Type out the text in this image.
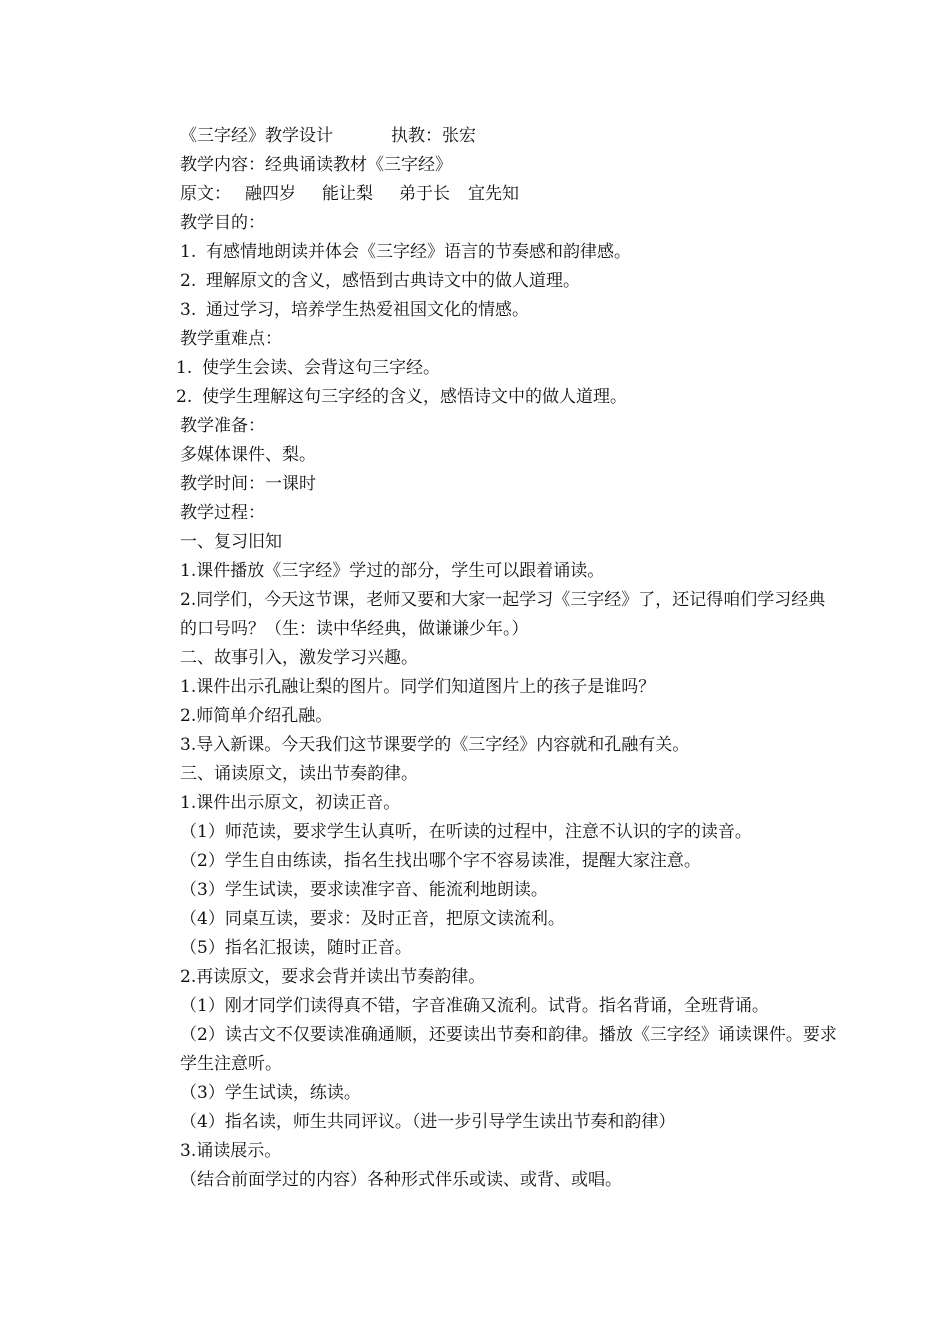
《三字经》教学设计	执教：张宏
教学内容：经典诵读教材《三字经》
原文： 融四岁 能让梨 弟于长 宜先知
教学目的：
1. 有感情地朗读并体会《三字经》语言的节奏感和韵律感。
2. 理解原文的含义，感悟到古典诗文中的做人道理。
3. 通过学习，培养学生热爱祖国文化的情感。
教学重难点：
1. 使学生会读、会背这句三字经。
2. 使学生理解这句三字经的含义，感悟诗文中的做人道理。
教学准备：
多媒体课件、梨。
教学时间：一课时
教学过程：
一、复习旧知
1.课件播放《三字经》学过的部分，学生可以跟着诵读。
2.同学们，今天这节课，老师又要和大家一起学习《三字经》了，还记得咱们学习经典的口号吗？（生：读中华经典，做谦谦少年。）
二、故事引入，激发学习兴趣。
1.课件出示孔融让梨的图片。同学们知道图片上的孩子是谁吗？
2.师简单介绍孔融。
3.导入新课。今天我们这节课要学的《三字经》内容就和孔融有关。
三、诵读原文，读出节奏韵律。
1.课件出示原文，初读正音。
（1）师范读，要求学生认真听，在听读的过程中，注意不认识的字的读音。
（2）学生自由练读，指名生找出哪个字不容易读准，提醒大家注意。
（3）学生试读，要求读准字音、能流利地朗读。
（4）同桌互读，要求：及时正音，把原文读流利。
（5）指名汇报读，随时正音。
2.再读原文，要求会背并读出节奏韵律。
（1）刚才同学们读得真不错，字音准确又流利。试背。指名背诵，全班背诵。
（2）读古文不仅要读准确通顺，还要读出节奏和韵律。播放《三字经》诵读课件。要求学生注意听。
（3）学生试读，练读。
（4）指名读，师生共同评议。（进一步引导学生读出节奏和韵律）
3.诵读展示。
（结合前面学过的内容）各种形式伴乐或读、或背、或唱。
